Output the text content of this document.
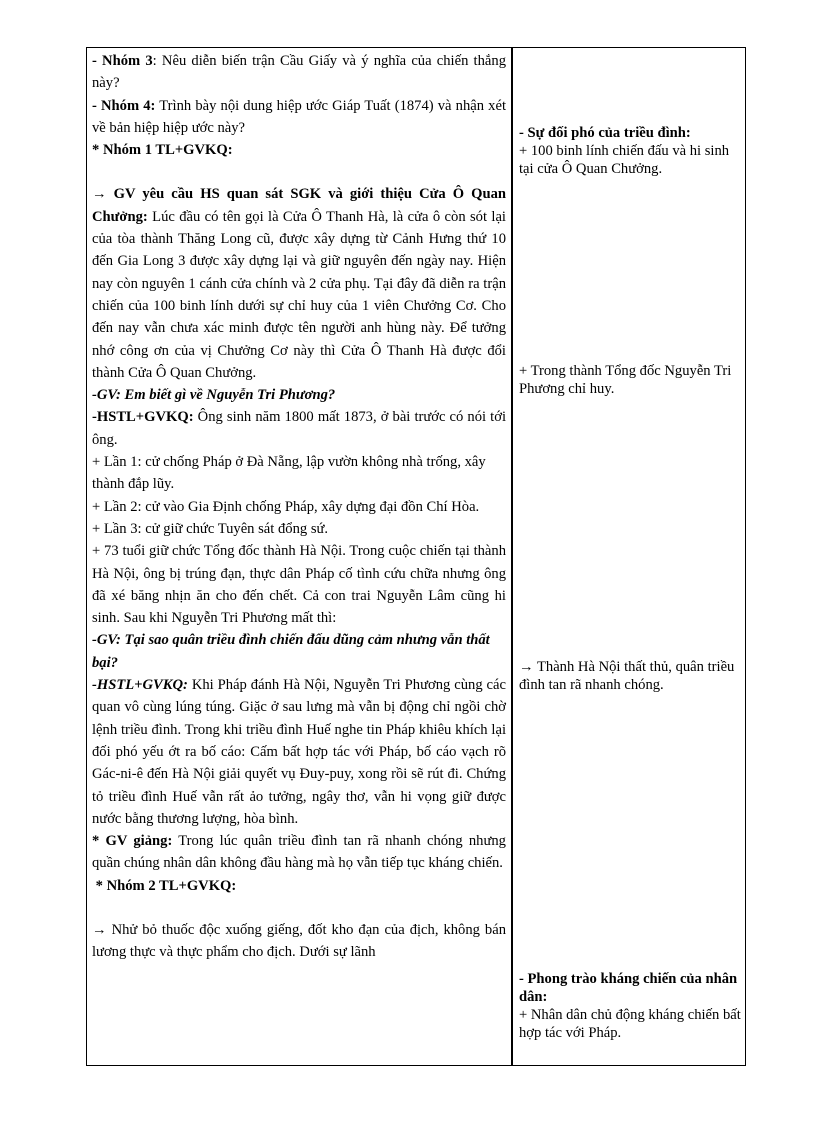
- Nhóm 3: Nêu diễn biến trận Cầu Giấy và ý nghĩa của chiến thắng này?

- Nhóm 4: Trình bày nội dung hiệp ước Giáp Tuất (1874) và nhận xét về bản hiệp hiệp ước này?

* Nhóm 1 TL+GVKQ:

→ GV yêu cầu HS quan sát SGK và giới thiệu Cửa Ô Quan Chưởng: Lúc đầu có tên gọi là Cửa Ô Thanh Hà, là cửa ô còn sót lại của tòa thành Thăng Long cũ, được xây dựng từ Cảnh Hưng thứ 10 đến Gia Long 3 được xây dựng lại và giữ nguyên đến ngày nay. Hiện nay còn nguyên 1 cánh cửa chính và 2 cửa phụ. Tại đây đã diễn ra trận chiến của 100 binh lính dưới sự chỉ huy của 1 viên Chưởng Cơ. Cho đến nay vẫn chưa xác minh được tên người anh hùng này. Để tưởng nhớ công ơn của vị Chưởng Cơ này thì Cửa Ô Thanh Hà được đổi thành Cửa Ô Quan Chưởng.

-GV: Em biết gì về Nguyễn Tri Phương?

-HSTL+GVKQ: Ông sinh năm 1800 mất 1873, ở bài trước có nói tới ông.

+ Lần 1: cử chống Pháp ở Đà Nẵng, lập vườn không nhà trống, xây thành đắp lũy.

+ Lần 2: cử vào Gia Định chống Pháp, xây dựng đại đồn Chí Hòa.

+ Lần 3: cử giữ chức Tuyên sát đổng sứ.

+ 73 tuổi giữ chức Tổng đốc thành Hà Nội. Trong cuộc chiến tại thành Hà Nội, ông bị trúng đạn, thực dân Pháp cố tình cứu chữa nhưng ông đã xé băng nhịn ăn cho đến chết. Cả con trai Nguyễn Lâm cũng hi sinh. Sau khi Nguyễn Tri Phương mất thì:

-GV: Tại sao quân triều đình chiến đấu dũng cảm nhưng vẫn thất bại?

-HSTL+GVKQ: Khi Pháp đánh Hà Nội, Nguyễn Tri Phương cùng các quan vô cùng lúng túng. Giặc ở sau lưng mà vẫn bị động chỉ ngồi chờ lệnh triều đình. Trong khi triều đình Huế nghe tin Pháp khiêu khích lại đối phó yếu ớt ra bố cáo: Cấm bất hợp tác với Pháp, bố cáo vạch rõ Gác-ni-ê đến Hà Nội giải quyết vụ Đuy-puy, xong rồi sẽ rút đi. Chứng tỏ triều đình Huế vẫn rất ảo tưởng, ngây thơ, vẫn hi vọng giữ được nước bằng thương lượng, hòa bình.

* GV giảng: Trong lúc quân triều đình tan rã nhanh chóng nhưng quần chúng nhân dân không đầu hàng mà họ vẫn tiếp tục kháng chiến.

* Nhóm 2 TL+GVKQ:

→ Nhử bỏ thuốc độc xuống giếng, đốt kho đạn của địch, không bán lương thực và thực phẩm cho địch. Dưới sự lãnh

- Sự đối phó của triều đình:

+ 100 binh lính chiến đấu và hi sinh tại cửa Ô Quan Chưởng.

+ Trong thành Tổng đốc Nguyễn Tri Phương chỉ huy.

→ Thành Hà Nội thất thủ, quân triều đình tan rã nhanh chóng.

- Phong trào kháng chiến của nhân dân:

+ Nhân dân chủ động kháng chiến bất hợp tác với Pháp.
